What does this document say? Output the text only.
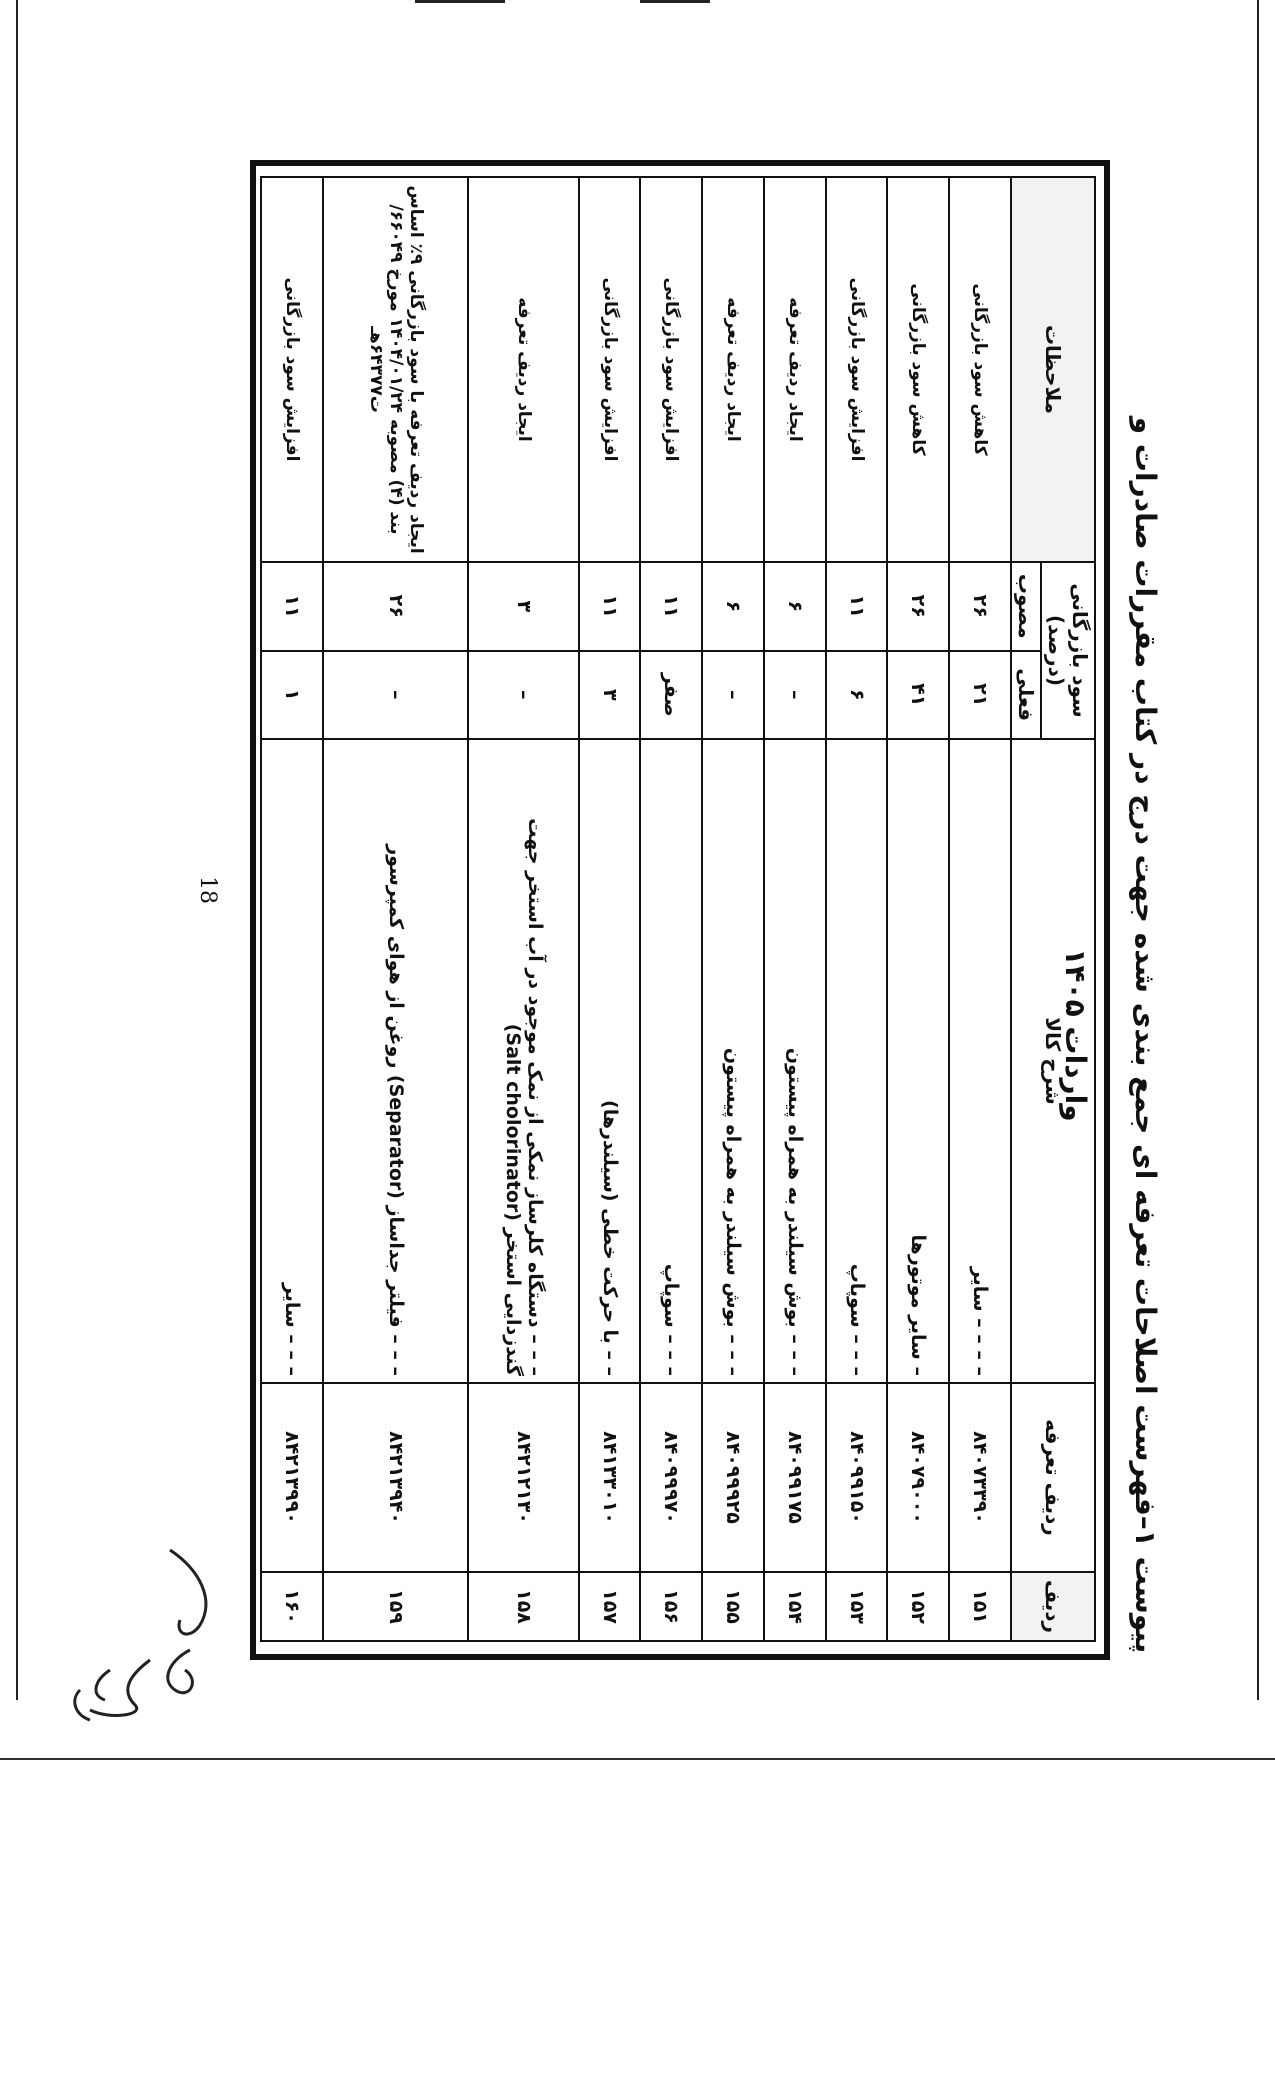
پیوست ۱–فهرست اصلاحات تعرفه ای جمع بندی شده جهت درج در کتاب مقررات صادرات و واردات ۱۴۰۵
ردیف	ردیف تعرفه	شرح کالا	سود بازرگانی (درصد)		ملاحظات
			فعلی	مصوب	
۱۵۱	۸۴۰۷۳۳۹۰	– – – – سایر	۲۱	۲۶	کاهش سود بازرگانی
۱۵۲	۸۴۰۷۹۰۰۰	– سایر موتورها	۴۱	۲۶	کاهش سود بازرگانی
۱۵۳	۸۴۰۹۹۱۵۰	– – – سوپاپ	۶	۱۱	افزایش سود بازرگانی
۱۵۴	۸۴۰۹۹۱۷۵	– – – بوش سیلندر به همراه پیستون	–	۶	ایجاد ردیف تعرفه
۱۵۵	۸۴۰۹۹۹۲۵	– – – بوش سیلندر به همراه پیستون	–	۶	ایجاد ردیف تعرفه
۱۵۶	۸۴۰۹۹۹۷۰	– – – سوپاپ	صفر	۱۱	افزایش سود بازرگانی
۱۵۷	۸۴۱۳۳۰۱۰	– – با حرکت خطی (سیلندرها)	۳	۱۱	افزایش سود بازرگانی
۱۵۸	۸۴۲۱۲۱۳۰	– – – دستگاه کلرساز نمکی از نمک موجود در آب استخر جهت گندزدایی استخر (Salt cholorinator)	–	۳	ایجاد ردیف تعرفه
۱۵۹	۸۴۲۱۳۹۴۰	– – – فیلتر جداساز (Separator) روغن از هوای کمپرسور	–	۲۶	ایجاد ردیف تعرفه با سود بازرگانی ۹٪ اساس بند (۴) مصوبه ۱۴۰۴/۰۱/۲۴ مورخ ۶۶۰۴۹/ت۶۴۳۷۷هـ
۱۶۰	۸۴۲۱۳۹۹۰	– – – سایر	۱	۱۱	افزایش سود بازرگانی
18
